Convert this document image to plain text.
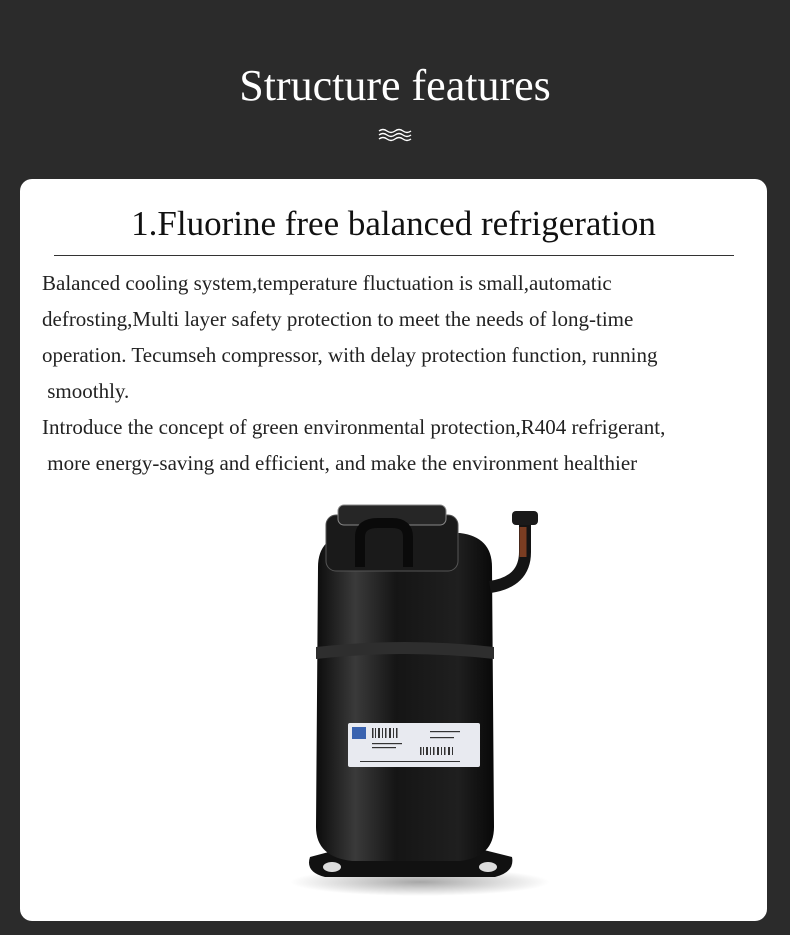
Structure features
1.Fluorine free balanced refrigeration

Balanced cooling system,temperature fluctuation is small,automatic

defrosting,Multi layer safety protection to meet the needs of long-time

operation. Tecumseh compressor, with delay protection function, running

smoothly.

Introduce the concept of green environmental protection,R404 refrigerant,

more energy-saving and efficient, and make the environment healthier
